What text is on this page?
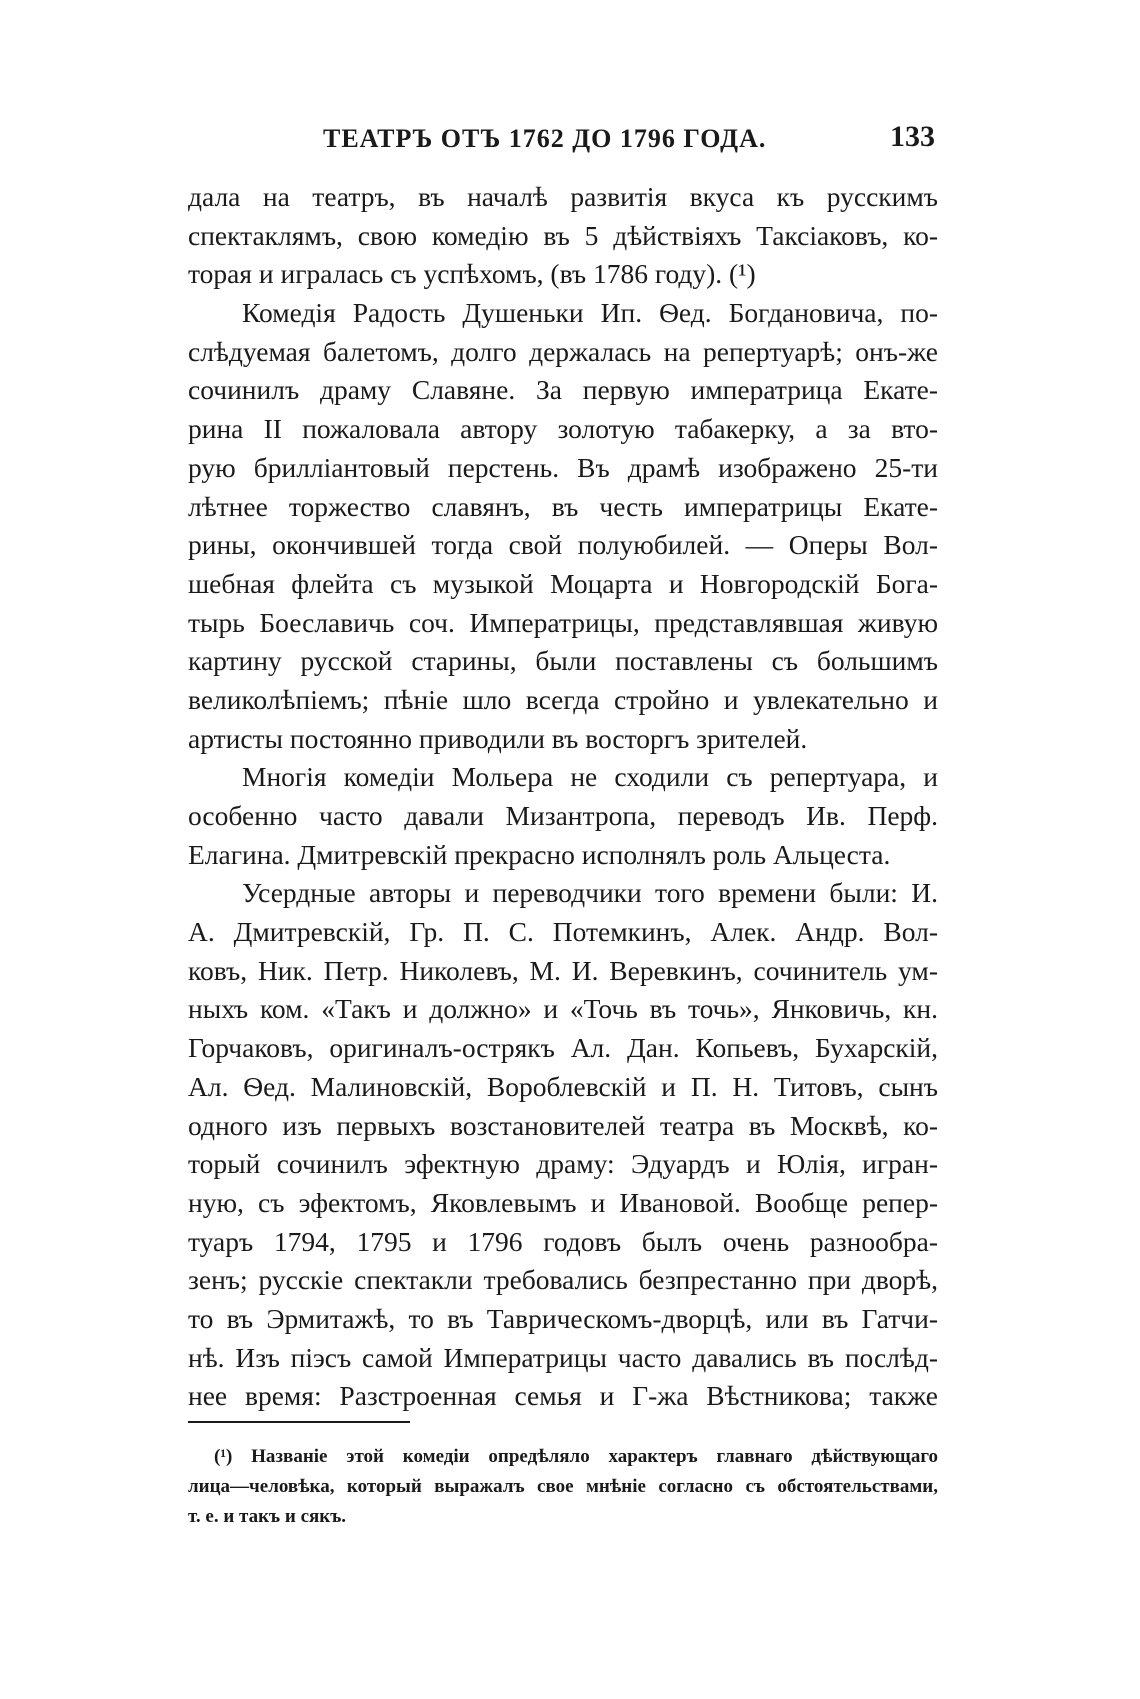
ТЕАТРЪ ОТЪ 1762 ДО 1796 ГОДА.	133
дала на театръ, въ началѣ развитія вкуса къ русскимъ
спектаклямъ, свою комедію въ 5 дѣйствіяхъ Таксіаковъ, ко-
торая и игралась съ успѣхомъ, (въ 1786 году). (¹)
Комедія Радость Душеньки Ип. Ѳед. Богдановича, по-
слѣдуемая балетомъ, долго держалась на репертуарѣ; онъ-же
сочинилъ драму Славяне. За первую императрица Екате-
рина II пожаловала автору золотую табакерку, а за вто-
рую бриллiантовый перстень. Въ драмѣ изображено 25-ти
лѣтнее торжество славянъ, въ честь императрицы Екате-
рины, окончившей тогда свой полуюбилей. — Оперы Вол-
шебная флейта съ музыкой Моцарта и Новгородскій Бога-
тырь Боеславичь соч. Императрицы, представлявшая живую
картину русской старины, были поставлены съ большимъ
великолѣпіемъ; пѣніе шло всегда стройно и увлекательно и
артисты постоянно приводили въ восторгъ зрителей.
Многія комедіи Мольера не сходили съ репертуара, и
особенно часто давали Мизантропа, переводъ Ив. Перф.
Елагина. Дмитревскій прекрасно исполнялъ роль Альцеста.
Усердные авторы и переводчики того времени были: И.
А. Дмитревскій, Гр. П. С. Потемкинъ, Алек. Андр. Вол-
ковъ, Ник. Петр. Николевъ, М. И. Веревкинъ, сочинитель ум-
ныхъ ком. «Такъ и должно» и «Точь въ точь», Янковичь, кн.
Горчаковъ, оригиналъ-острякъ Ал. Дан. Копьевъ, Бухарскій,
Ал. Ѳед. Малиновскій, Вороблевскій и П. Н. Титовъ, сынъ
одного изъ первыхъ возстановителей театра въ Москвѣ, ко-
торый сочинилъ эфектную драму: Эдуардъ и Юлія, игран-
ную, съ эфектомъ, Яковлевымъ и Ивановой. Вообще репер-
туаръ 1794, 1795 и 1796 годовъ былъ очень разнообра-
зенъ; русскіе спектакли требовались безпрестанно при дворѣ,
то въ Эрмитажѣ, то въ Таврическомъ-дворцѣ, или въ Гатчи-
нѣ. Изъ піэсъ самой Императрицы часто давались въ послѣд-
нее время: Разстроенная семья и Г-жа Вѣстникова; также
(¹) Названіе этой комедіи опредѣляло характеръ главнаго дѣйствующаго
лица—человѣка, который выражалъ свое мнѣніе согласно съ обстоятельствами,
т. е. и такъ и сякъ.
